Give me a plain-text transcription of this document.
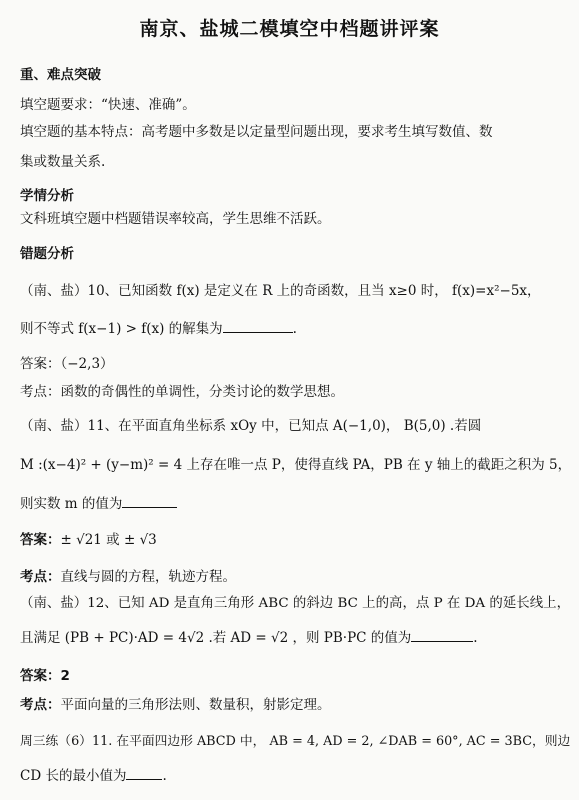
南京、盐城二模填空中档题讲评案
重、难点突破
填空题要求：“快速、准确”。
填空题的基本特点：高考题中多数是以定量型问题出现，要求考生填写数值、数
集或数量关系.
学情分析
文科班填空题中档题错误率较高，学生思维不活跃。
错题分析
（南、盐）10、已知函数 f(x) 是定义在 R 上的奇函数，且当 x≥0 时， f(x)=x²−5x，
则不等式 f(x−1) > f(x) 的解集为	.
答案：（−2,3）
考点：函数的奇偶性的单调性，分类讨论的数学思想。
（南、盐）11、在平面直角坐标系 xOy 中，已知点 A(−1,0)， B(5,0) .若圆
M :(x−4)² + (y−m)² = 4 上存在唯一点 P，使得直线 PA，PB 在 y 轴上的截距之积为 5，
则实数 m 的值为
答案：± √21 或 ± √3
考点：直线与圆的方程，轨迹方程。
（南、盐）12、已知 AD 是直角三角形 ABC 的斜边 BC 上的高，点 P 在 DA 的延长线上，
且满足 (PB + PC)·AD = 4√2 .若 AD = √2 ，则 PB·PC 的值为	.
答案：2
考点：平面向量的三角形法则、数量积，射影定理。
周三练（6）11. 在平面四边形 ABCD 中， AB = 4, AD = 2, ∠DAB = 60°, AC = 3BC，则边
CD 长的最小值为	.
